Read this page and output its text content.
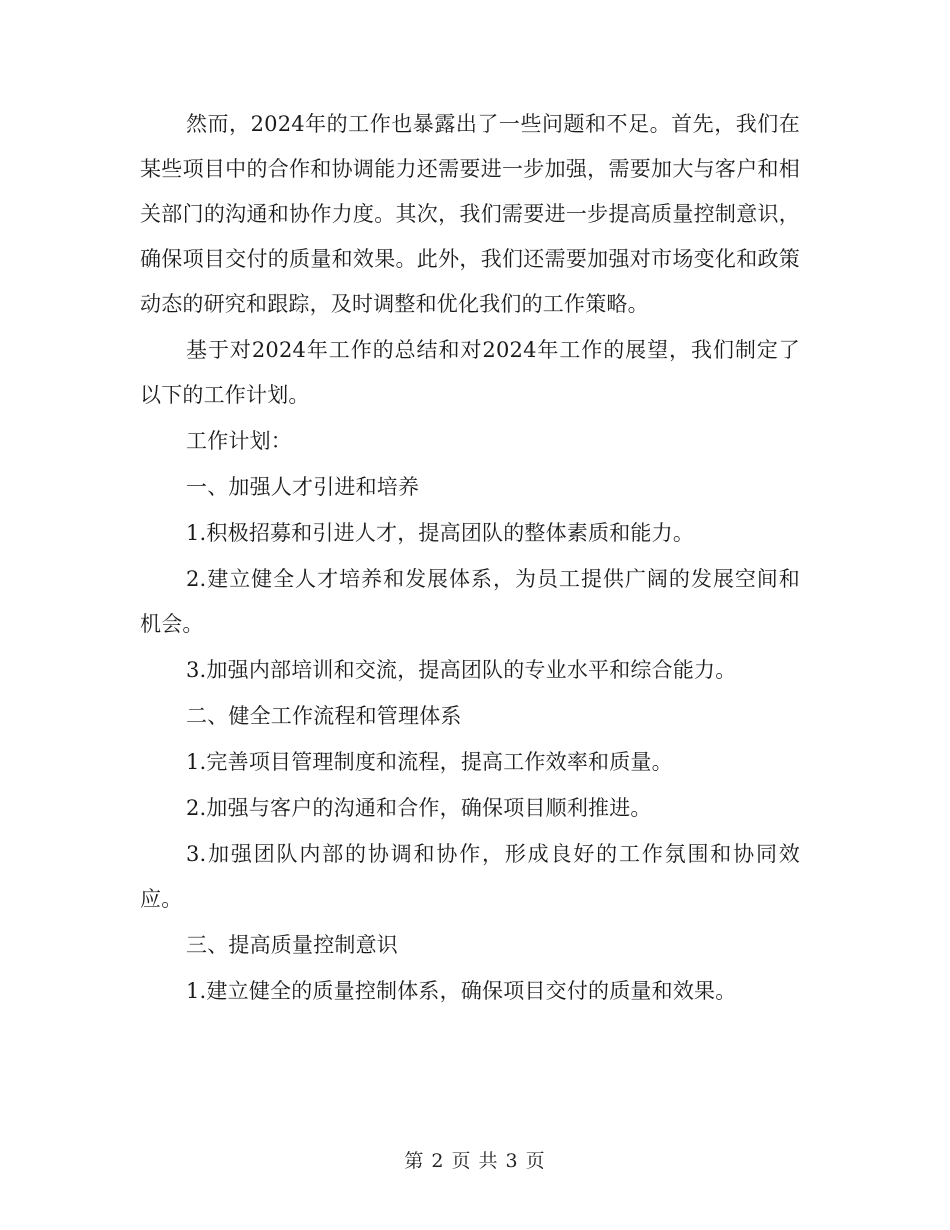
然而，2024年的工作也暴露出了一些问题和不足。首先，我们在某些项目中的合作和协调能力还需要进一步加强，需要加大与客户和相关部门的沟通和协作力度。其次，我们需要进一步提高质量控制意识，确保项目交付的质量和效果。此外，我们还需要加强对市场变化和政策动态的研究和跟踪，及时调整和优化我们的工作策略。

基于对2024年工作的总结和对2024年工作的展望，我们制定了以下的工作计划。

工作计划：

一、加强人才引进和培养

1.积极招募和引进人才，提高团队的整体素质和能力。

2.建立健全人才培养和发展体系，为员工提供广阔的发展空间和机会。

3.加强内部培训和交流，提高团队的专业水平和综合能力。

二、健全工作流程和管理体系

1.完善项目管理制度和流程，提高工作效率和质量。

2.加强与客户的沟通和合作，确保项目顺利推进。

3.加强团队内部的协调和协作，形成良好的工作氛围和协同效应。

三、提高质量控制意识

1.建立健全的质量控制体系，确保项目交付的质量和效果。

第 2 页 共 3 页
